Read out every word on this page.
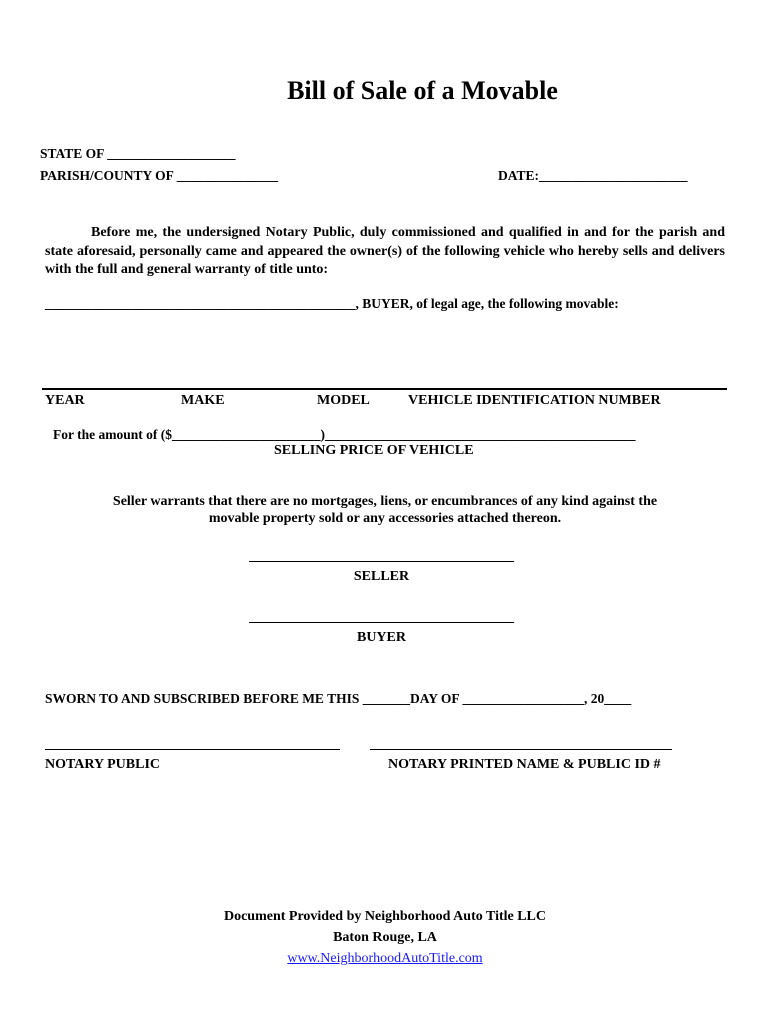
Bill of Sale of a Movable
STATE OF ___________________
PARISH/COUNTY OF _______________	DATE:______________________
Before me, the undersigned Notary Public, duly commissioned and qualified in and for the parish and state aforesaid, personally came and appeared the owner(s) of the following vehicle who hereby sells and delivers with the full and general warranty of title unto:
______________________________________________, BUYER, of legal age, the following movable:
YEAR	MAKE	MODEL	VEHICLE IDENTIFICATION NUMBER
For the amount of ($______________________)______________________________________________
SELLING PRICE OF VEHICLE
Seller warrants that there are no mortgages, liens, or encumbrances of any kind against the
movable property sold or any accessories attached thereon.
SELLER
BUYER
SWORN TO AND SUBSCRIBED BEFORE ME THIS _______DAY OF __________________, 20____
NOTARY PUBLIC	NOTARY PRINTED NAME & PUBLIC ID #
Document Provided by Neighborhood Auto Title LLC
Baton Rouge, LA
www.NeighborhoodAutoTitle.com
